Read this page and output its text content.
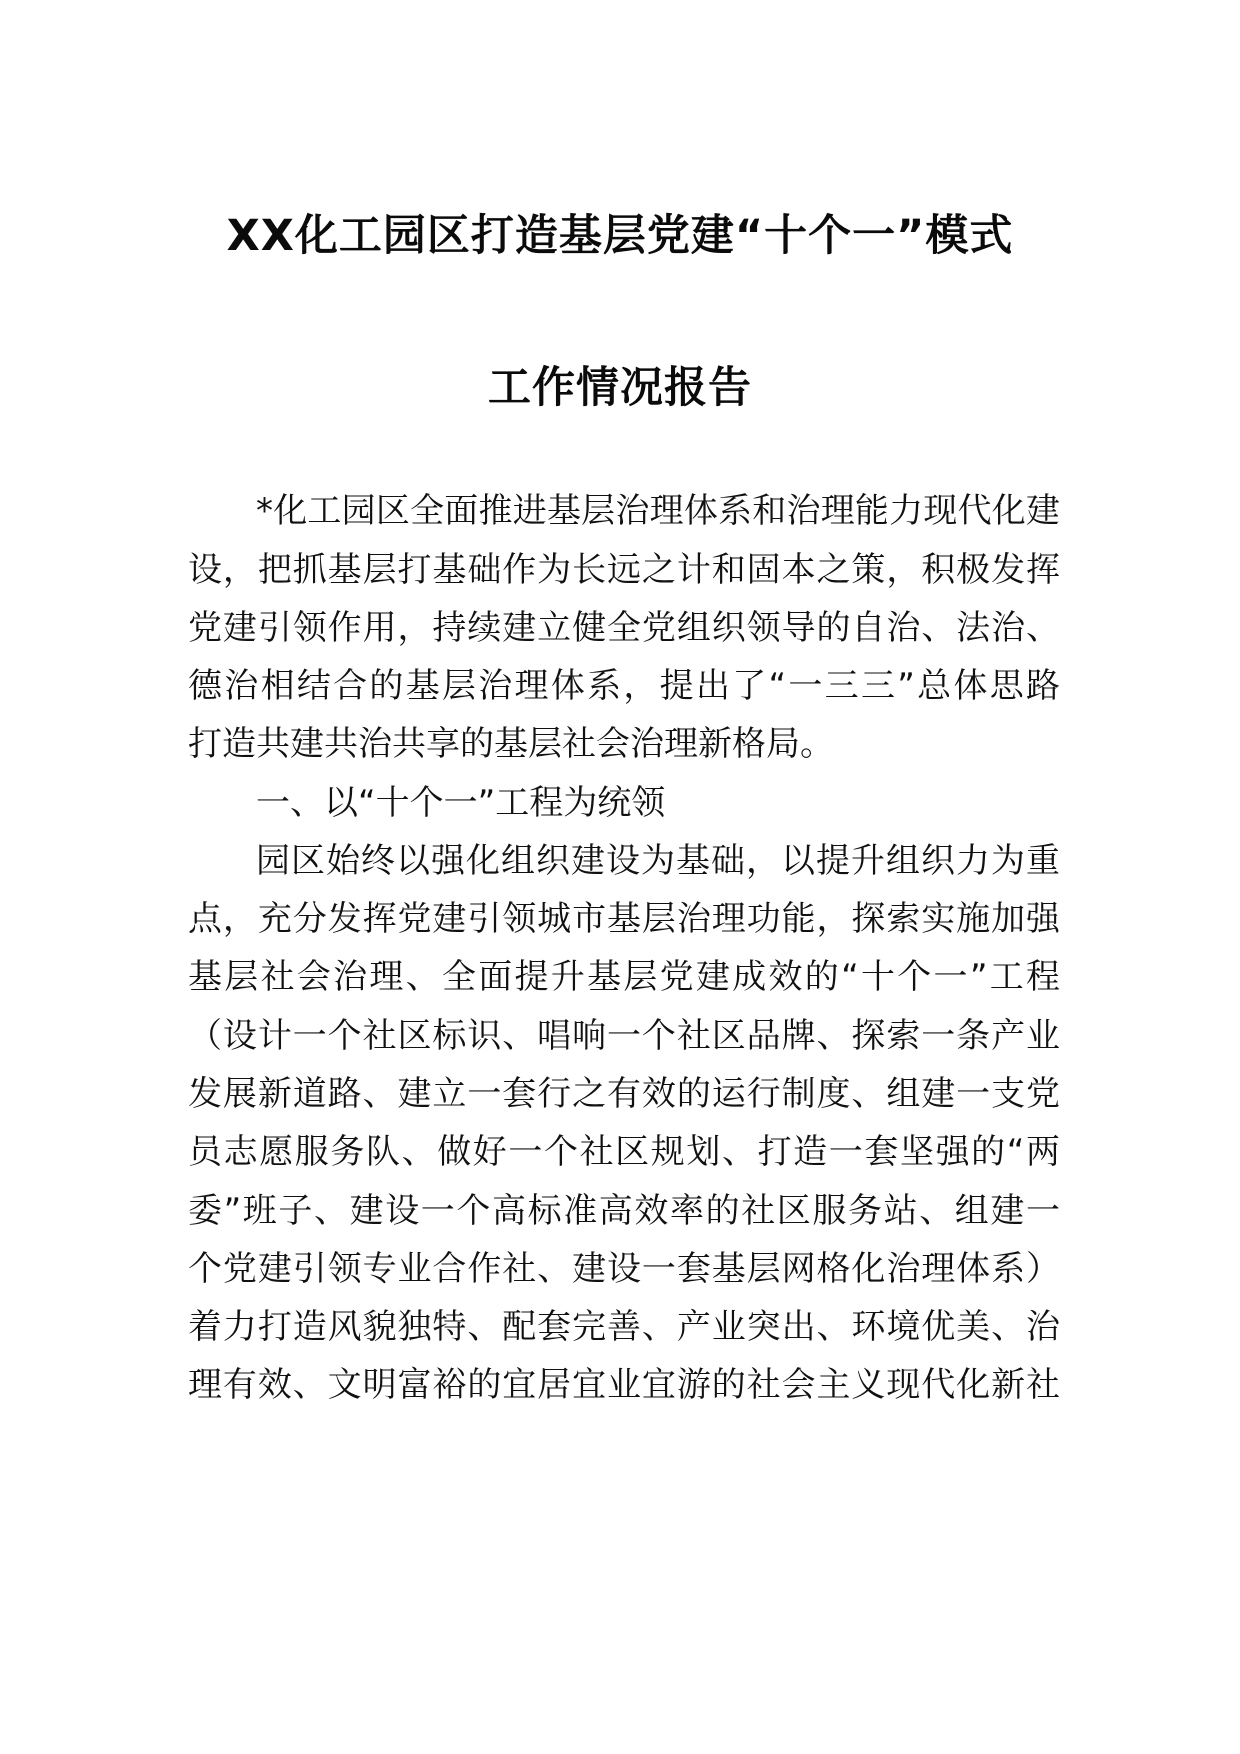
XX化工园区打造基层党建“十个一”模式
工作情况报告
*化工园区全面推进基层治理体系和治理能力现代化建
设，把抓基层打基础作为长远之计和固本之策，积极发挥
党建引领作用，持续建立健全党组织领导的自治、法治、
德治相结合的基层治理体系，提出了“一三三”总体思路
打造共建共治共享的基层社会治理新格局。
一、以“十个一”工程为统领
园区始终以强化组织建设为基础，以提升组织力为重
点，充分发挥党建引领城市基层治理功能，探索实施加强
基层社会治理、全面提升基层党建成效的“十个一”工程
（设计一个社区标识、唱响一个社区品牌、探索一条产业
发展新道路、建立一套行之有效的运行制度、组建一支党
员志愿服务队、做好一个社区规划、打造一套坚强的“两
委”班子、建设一个高标准高效率的社区服务站、组建一
个党建引领专业合作社、建设一套基层网格化治理体系）
着力打造风貌独特、配套完善、产业突出、环境优美、治
理有效、文明富裕的宜居宜业宜游的社会主义现代化新社
